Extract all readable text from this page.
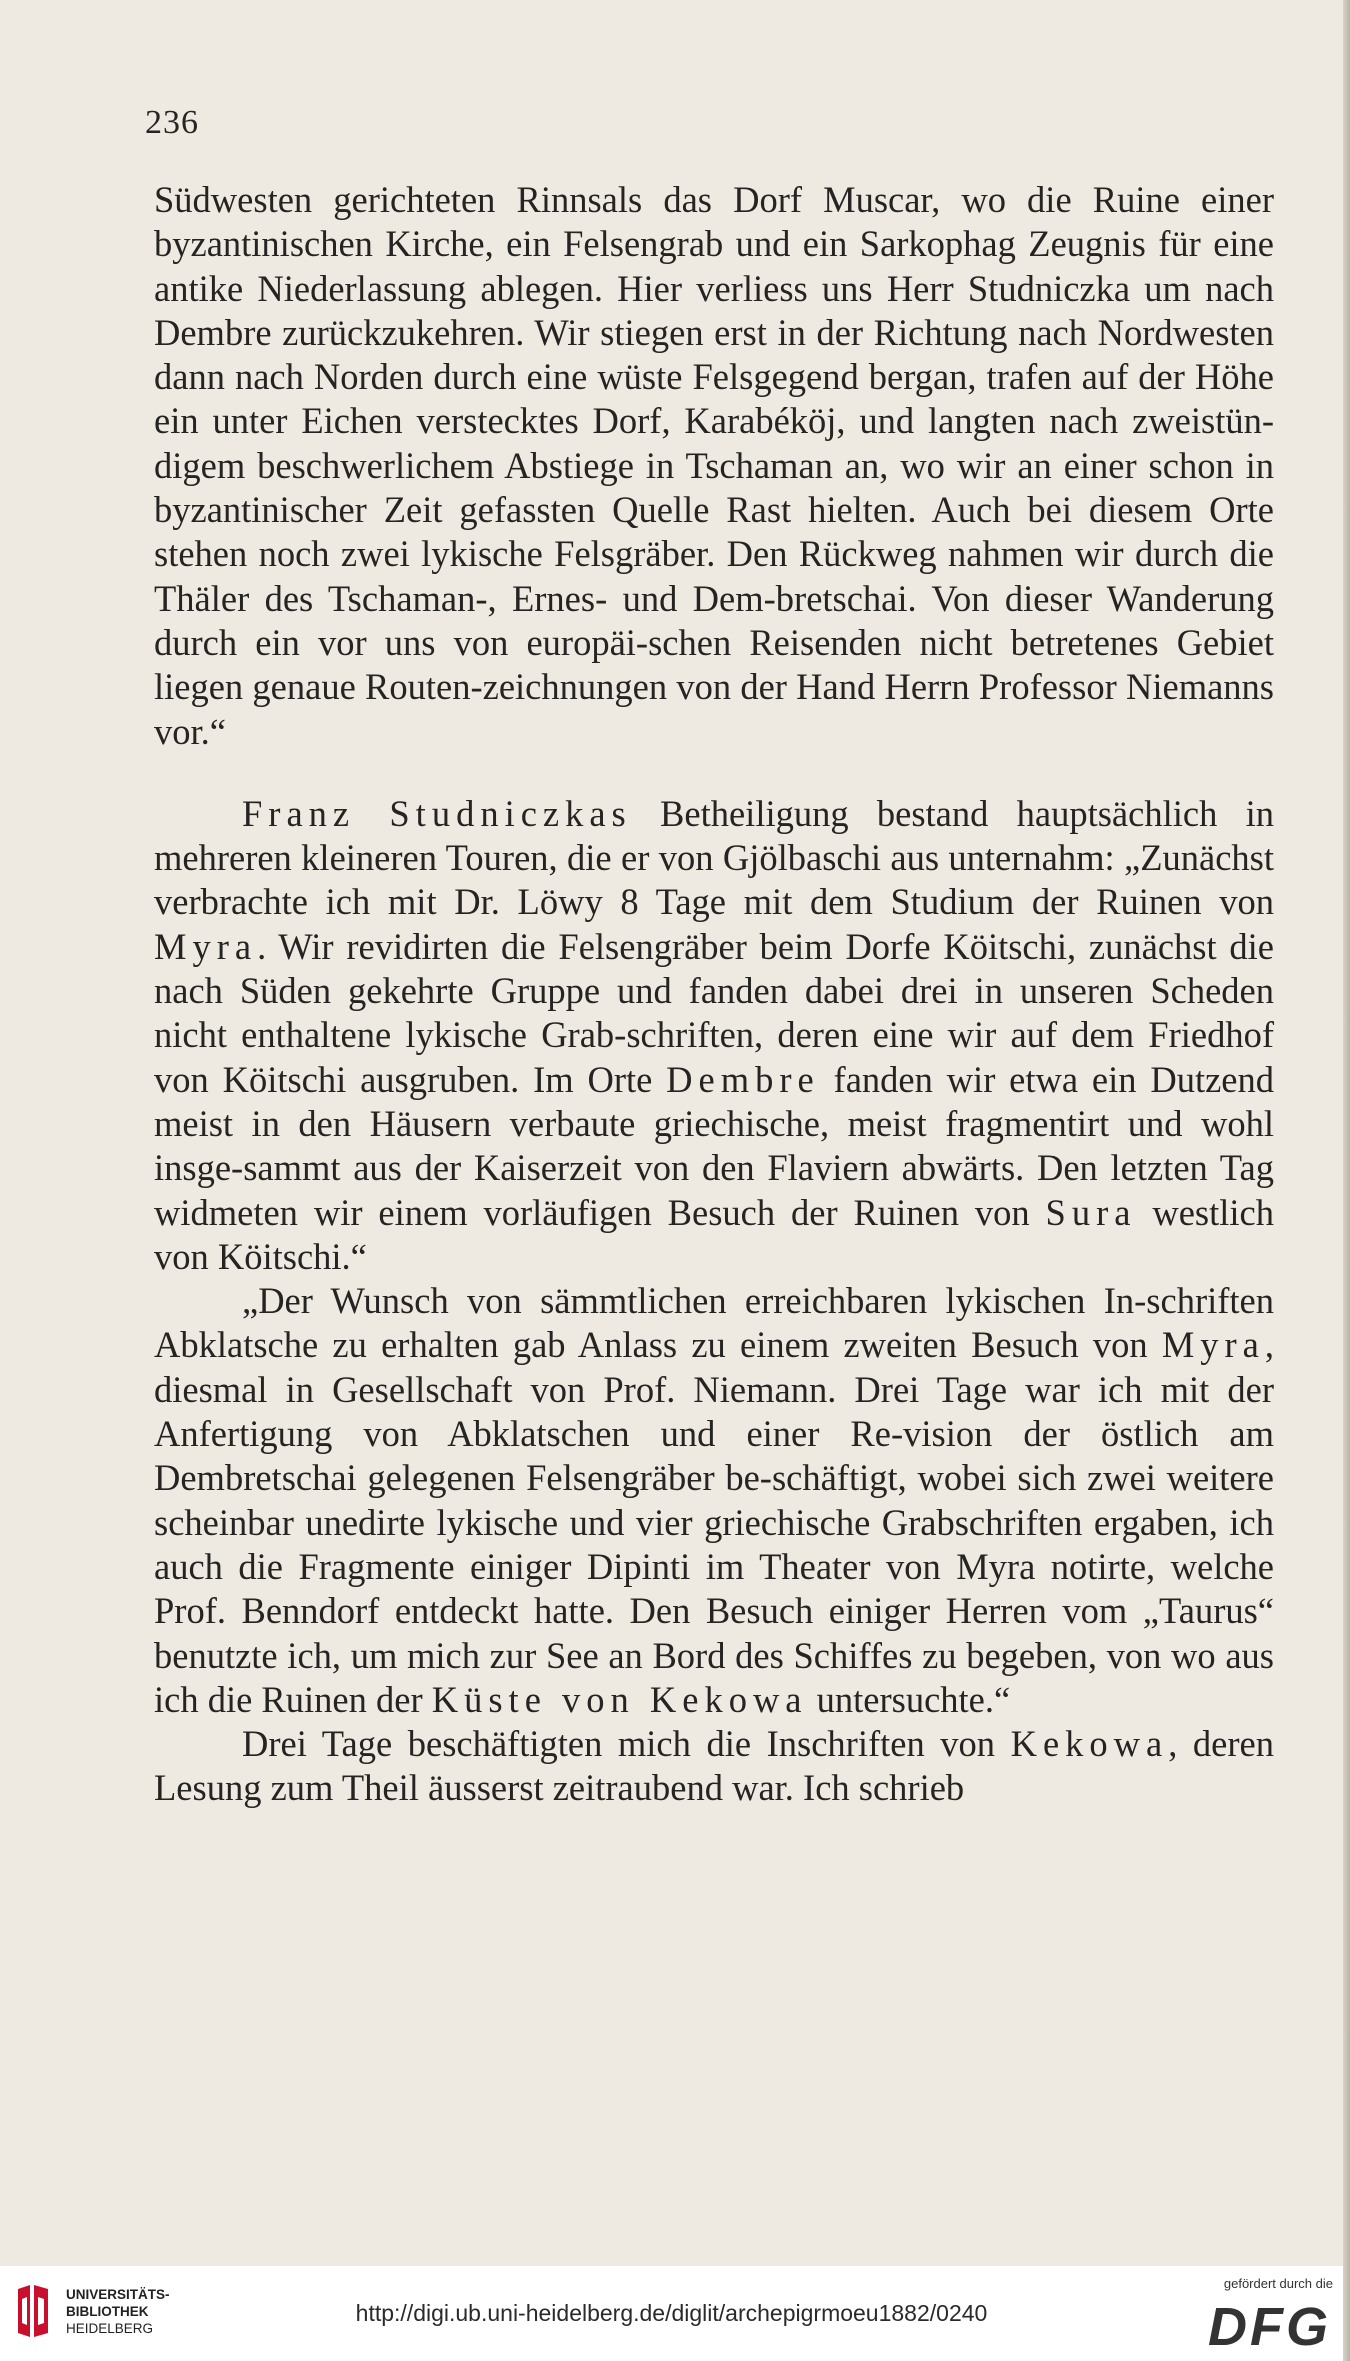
236

Südwesten gerichteten Rinnsals das Dorf Muscar, wo die Ruine einer byzantinischen Kirche, ein Felsengrab und ein Sarkophag Zeugnis für eine antike Niederlassung ablegen. Hier verliess uns Herr Studniczka um nach Dembre zurückzukehren. Wir stiegen erst in der Richtung nach Nordwesten dann nach Norden durch eine wüste Felsgegend bergan, trafen auf der Höhe ein unter Eichen verstecktes Dorf, Karabéköj, und langten nach zweistün-digem beschwerlichem Abstiege in Tschaman an, wo wir an einer schon in byzantinischer Zeit gefassten Quelle Rast hielten. Auch bei diesem Orte stehen noch zwei lykische Felsgräber. Den Rückweg nahmen wir durch die Thäler des Tschaman-, Ernes- und Dem-bretschai. Von dieser Wanderung durch ein vor uns von europäi-schen Reisenden nicht betretenes Gebiet liegen genaue Routen-zeichnungen von der Hand Herrn Professor Niemanns vor.“

Franz Studniczkas Betheiligung bestand hauptsächlich in mehreren kleineren Touren, die er von Gjölbaschi aus unternahm: „Zunächst verbrachte ich mit Dr. Löwy 8 Tage mit dem Studium der Ruinen von Myra. Wir revidirten die Felsengräber beim Dorfe Köitschi, zunächst die nach Süden gekehrte Gruppe und fanden dabei drei in unseren Scheden nicht enthaltene lykische Grab-schriften, deren eine wir auf dem Friedhof von Köitschi ausgruben. Im Orte Dembre fanden wir etwa ein Dutzend meist in den Häusern verbaute griechische, meist fragmentirt und wohl insge-sammt aus der Kaiserzeit von den Flaviern abwärts. Den letzten Tag widmeten wir einem vorläufigen Besuch der Ruinen von Sura westlich von Köitschi.“

„Der Wunsch von sämmtlichen erreichbaren lykischen In-schriften Abklatsche zu erhalten gab Anlass zu einem zweiten Besuch von Myra, diesmal in Gesellschaft von Prof. Niemann. Drei Tage war ich mit der Anfertigung von Abklatschen und einer Re-vision der östlich am Dembretschai gelegenen Felsengräber be-schäftigt, wobei sich zwei weitere scheinbar unedirte lykische und vier griechische Grabschriften ergaben, ich auch die Fragmente einiger Dipinti im Theater von Myra notirte, welche Prof. Benndorf entdeckt hatte. Den Besuch einiger Herren vom „Taurus“ benutzte ich, um mich zur See an Bord des Schiffes zu begeben, von wo aus ich die Ruinen der Küste von Kekowa untersuchte.“

Drei Tage beschäftigten mich die Inschriften von Kekowa, deren Lesung zum Theil äusserst zeitraubend war. Ich schrieb

UNIVERSITÄTS-
BIBLIOTHEK
HEIDELBERG
http://digi.ub.uni-heidelberg.de/diglit/archepigrmoeu1882/0240
gefördert durch die
DFG
